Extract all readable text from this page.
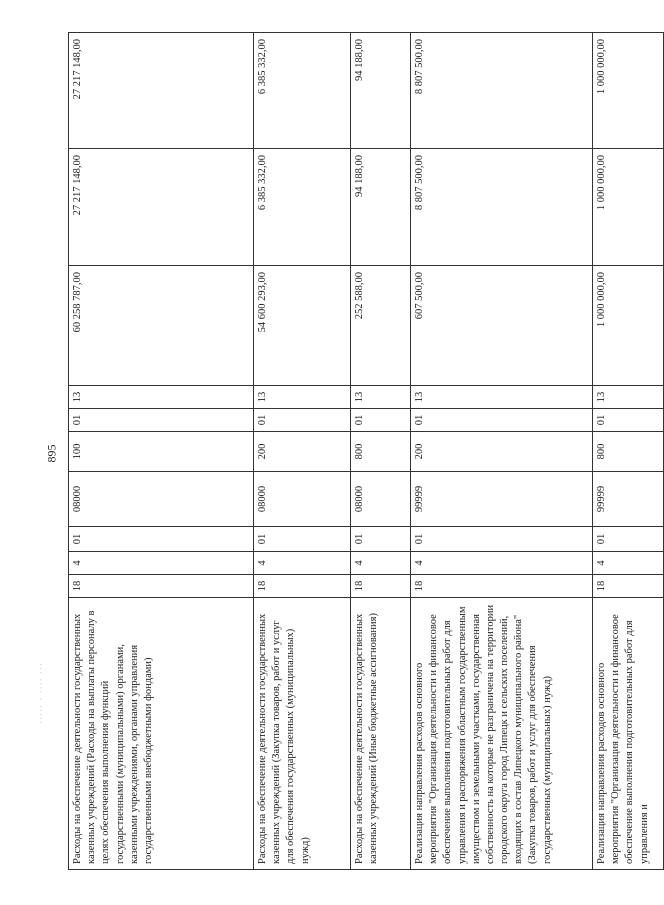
895
····· · ···· ··· Расходы на обеспечение деятельности государственных казенных учреждений (Расходы на выплаты персоналу в целях обеспечения выполнения функций государственными (муниципальными) органами, казенными учреждениями, органами управления государственными внебюджетными фондами)	18	4	01	08000	100	01	13	60 258 787,00	27 217 148,00	27 217 148,00
Расходы на обеспечение деятельности государственных казенных учреждений (Закупка товаров, работ и услуг для обеспечения государственных (муниципальных) нужд)	18	4	01	08000	200	01	13	54 600 293,00	6 385 332,00	6 385 332,00
Расходы на обеспечение деятельности государственных казенных учреждений (Иные бюджетные ассигнования)	18	4	01	08000	800	01	13	252 588,00	94 188,00	94 188,00
Реализация направления расходов основного мероприятия "Организация деятельности и финансовое обеспечение выполнения подготовительных работ для управления и распоряжения областным государственным имуществом и земельными участками, государственная собственность на которые не разграничена на территории городского округа город Липецк и сельских поселений, входящих в состав Липецкого муниципального района" (Закупка товаров, работ и услуг для обеспечения государственных (муниципальных) нужд)	18	4	01	99999	200	01	13	607 500,00	8 807 500,00	8 807 500,00
Реализация направления расходов основного мероприятия "Организация деятельности и финансовое обеспечение выполнения подготовительных работ для управления и	18	4	01	99999	800	01	13	1 000 000,00	1 000 000,00	1 000 000,00
